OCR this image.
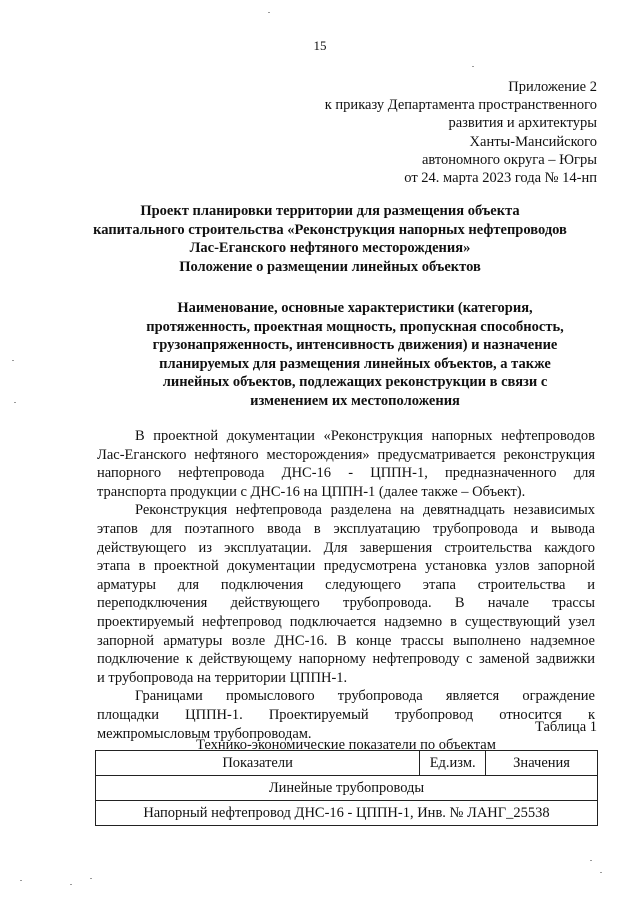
15
Приложение 2
к приказу Департамента пространственного
развития и архитектуры
Ханты-Мансийского
автономного округа – Югры
от 24. марта 2023 года № 14-нп
Проект планировки территории для размещения объекта
капитального строительства «Реконструкция напорных нефтепроводов
Лас-Еганского нефтяного месторождения»
Положение о размещении линейных объектов
Наименование, основные характеристики (категория,
протяженность, проектная мощность, пропускная способность,
грузонапряженность, интенсивность движения) и назначение
планируемых для размещения линейных объектов, а также
линейных объектов, подлежащих реконструкции в связи с
изменением их местоположения
В проектной документации «Реконструкция напорных нефтепроводов
Лас-Еганского нефтяного месторождения» предусматривается реконструкция
напорного нефтепровода ДНС-16 - ЦППН-1, предназначенного для
транспорта продукции с ДНС-16 на ЦППН-1 (далее также – Объект).
Реконструкция нефтепровода разделена на девятнадцать независимых
этапов для поэтапного ввода в эксплуатацию трубопровода и вывода
действующего из эксплуатации. Для завершения строительства каждого
этапа в проектной документации предусмотрена установка узлов запорной
арматуры для подключения следующего этапа строительства и
переподключения действующего трубопровода. В начале трассы
проектируемый нефтепровод подключается надземно в существующий узел
запорной арматуры возле ДНС-16. В конце трассы выполнено надземное
подключение к действующему напорному нефтепроводу с заменой задвижки
и трубопровода на территории ЦППН-1.
Границами промыслового трубопровода является ограждение
площадки ЦППН-1. Проектируемый трубопровод относится к
межпромысловым трубопроводам.	Таблица 1
Технико-экономические показатели по объектам
Показатели	Ед.изм.	Значения
Линейные трубопроводы
Напорный нефтепровод ДНС-16 - ЦППН-1, Инв. № ЛАНГ_25538
